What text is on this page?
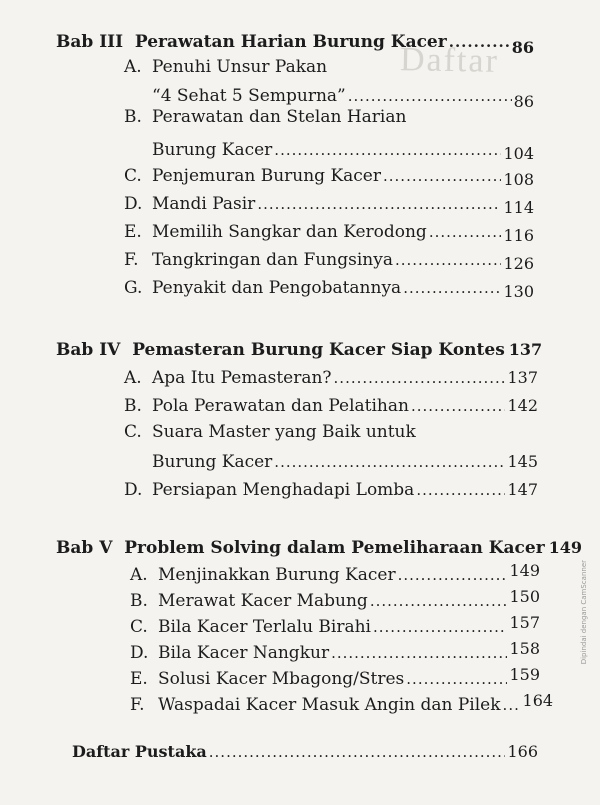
Daftar
Bab III Perawatan Harian Burung Kacer .....	86
A. Penuhi Unsur Pakan
“4 Sehat 5 Sempurna” .....	86
B. Perawatan dan Stelan Harian
Burung Kacer .....	104
C. Penjemuran Burung Kacer .....	108
D. Mandi Pasir .....	114
E. Memilih Sangkar dan Kerodong .....	116
F. Tangkringan dan Fungsinya .....	126
G. Penyakit dan Pengobatannya .....	130
Bab IV Pemasteran Burung Kacer Siap Kontes 137
A. Apa Itu Pemasteran? .....	137
B. Pola Perawatan dan Pelatihan .....	142
C. Suara Master yang Baik untuk
Burung Kacer .....	145
D. Persiapan Menghadapi Lomba .....	147
Bab V Problem Solving dalam Pemeliharaan Kacer 149
A. Menjinakkan Burung Kacer .....	149
B. Merawat Kacer Mabung .....	150
C. Bila Kacer Terlalu Birahi .....	157
D. Bila Kacer Nangkur .....	158
E. Solusi Kacer Mbagong/Stres .....	159
F. Waspadai Kacer Masuk Angin dan Pilek ..... 164
Daftar Pustaka .....	166
Dipindai dengan CamScanner
